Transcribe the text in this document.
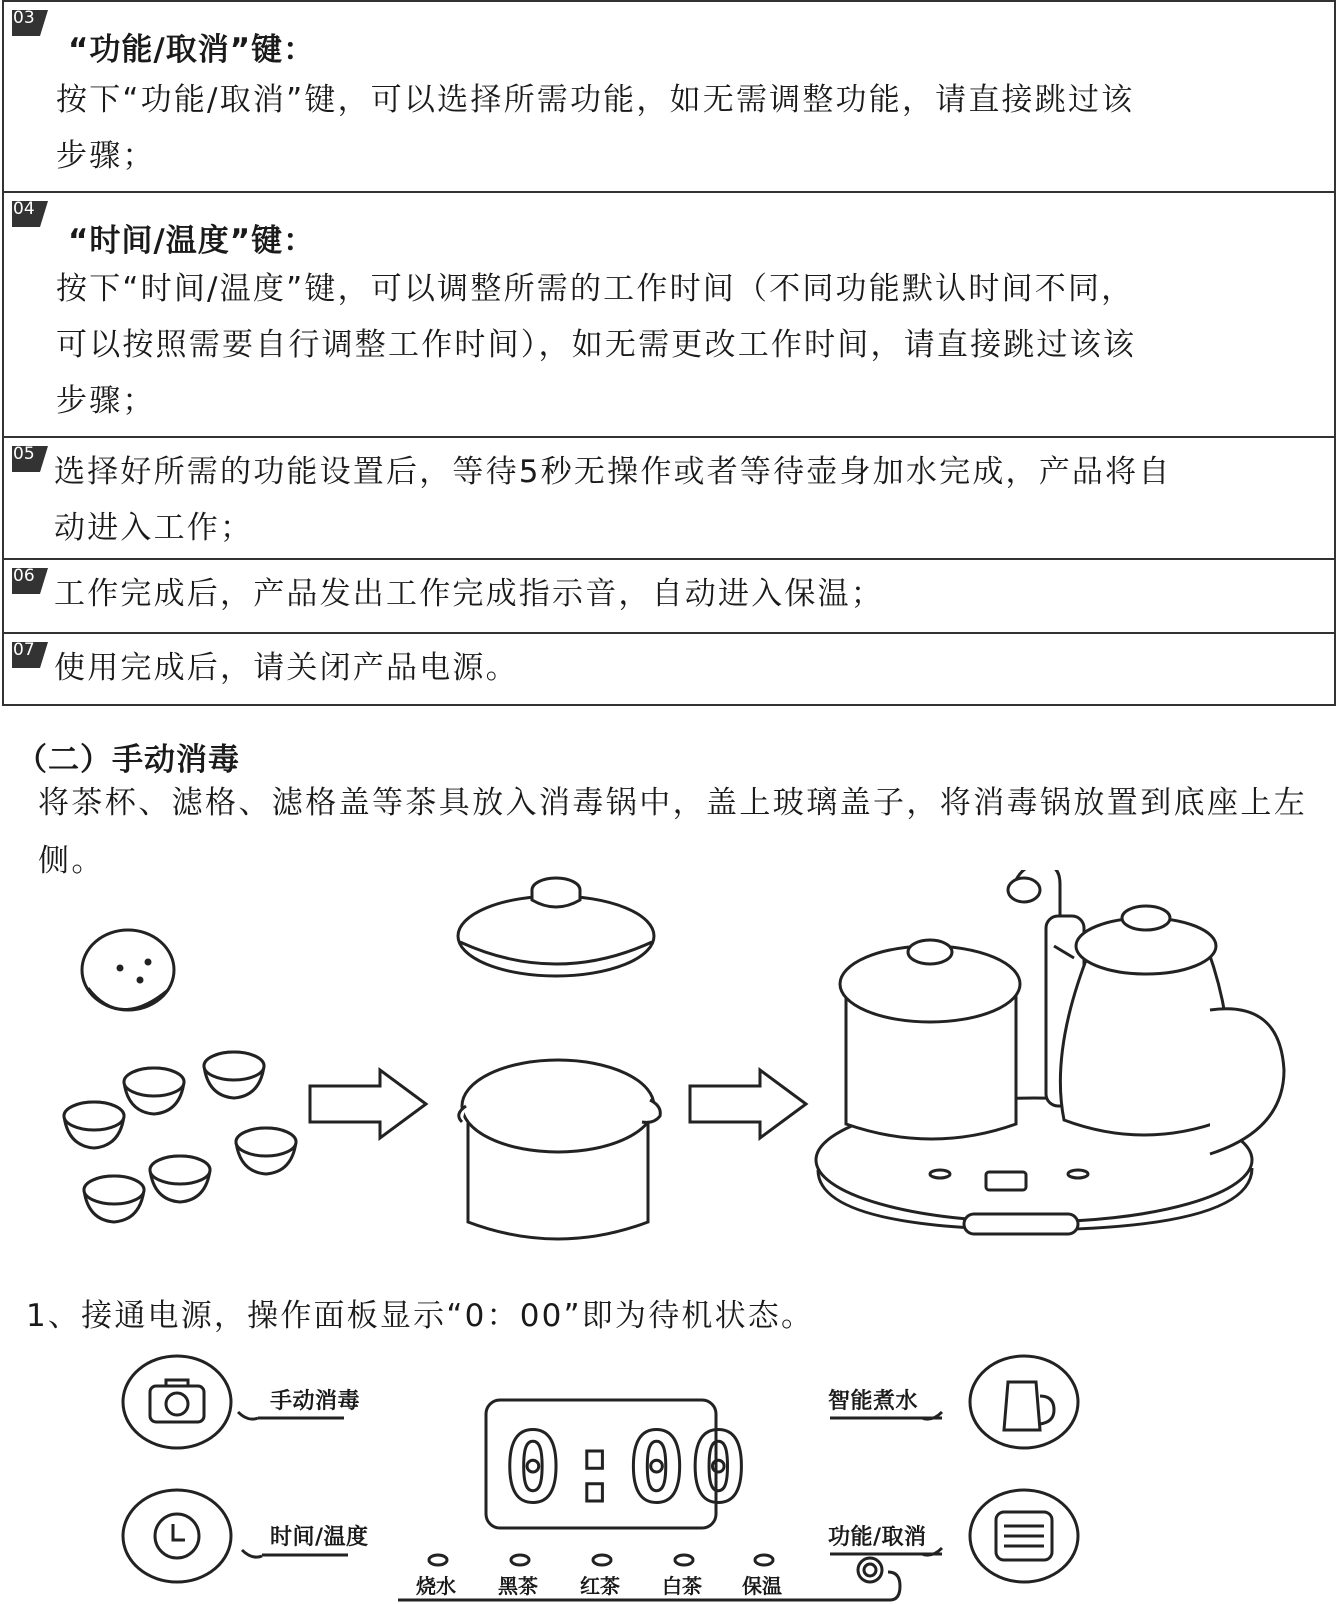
03
“功能/取消”键：
按下“功能/取消”键，可以选择所需功能，如无需调整功能，请直接跳过该
步骤；
04
“时间/温度”键：
按下“时间/温度”键，可以调整所需的工作时间（不同功能默认时间不同，
可以按照需要自行调整工作时间），如无需更改工作时间，请直接跳过该该
步骤；
05 选择好所需的功能设置后，等待5秒无操作或者等待壶身加水完成，产品将自
动进入工作；
06 工作完成后，产品发出工作完成指示音，自动进入保温；
07 使用完成后，请关闭产品电源。
（二）手动消毒
将茶杯、滤格、滤格盖等茶具放入消毒锅中，盖上玻璃盖子，将消毒锅放置到底座上左侧。
1、接通电源，操作面板显示“0：00”即为待机状态。
0:00
手动消毒
时间/温度
智能煮水
功能/取消
烧水 黑茶 红茶 白茶 保温
